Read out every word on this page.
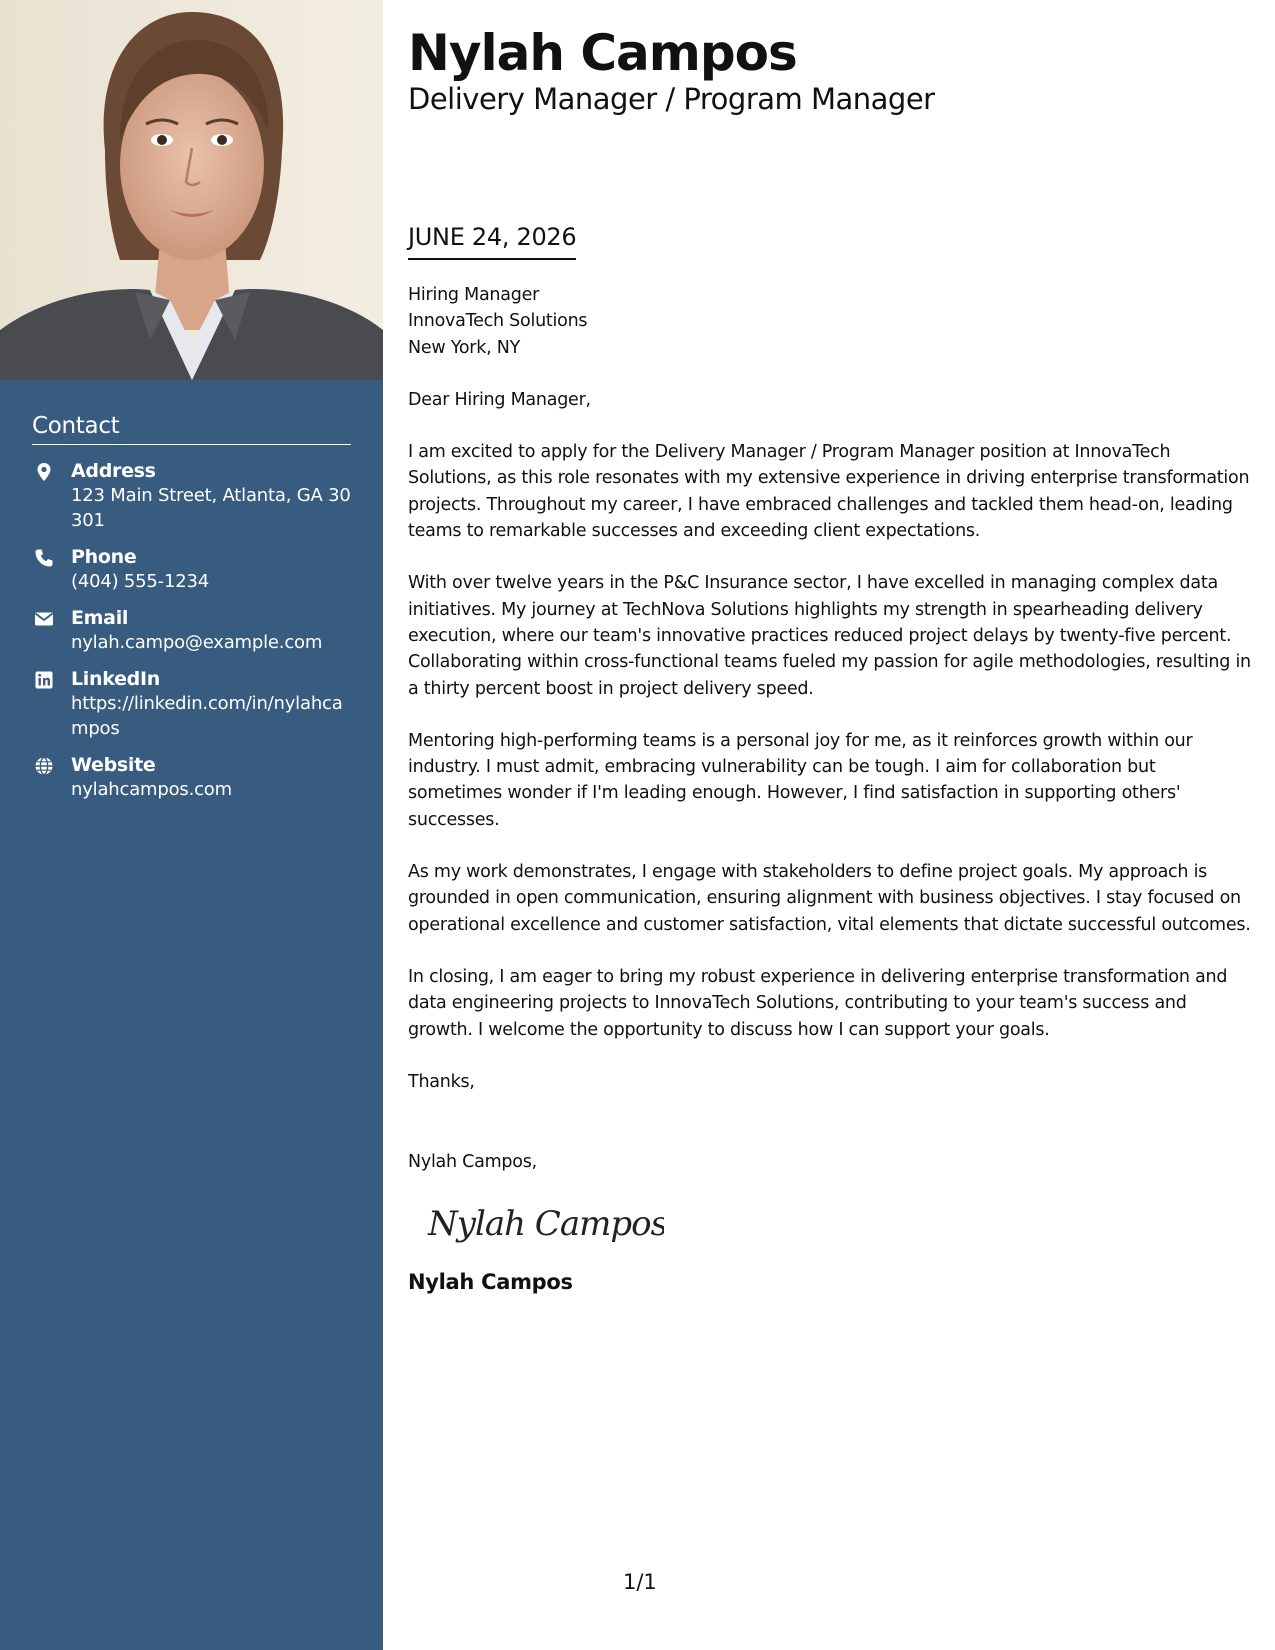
Contact
Address
123 Main Street, Atlanta, GA 30301
Phone
(404) 555-1234
Email
nylah.campo@example.com
LinkedIn
https://linkedin.com/in/nylahcampos
Website
nylahcampos.com
Nylah Campos
Delivery Manager / Program Manager
JUNE 24, 2026

Hiring Manager
InnovaTech Solutions
New York, NY

Dear Hiring Manager,

I am excited to apply for the Delivery Manager / Program Manager position at InnovaTech Solutions, as this role resonates with my extensive experience in driving enterprise transformation projects. Throughout my career, I have embraced challenges and tackled them head-on, leading teams to remarkable successes and exceeding client expectations.

With over twelve years in the P&C Insurance sector, I have excelled in managing complex data initiatives. My journey at TechNova Solutions highlights my strength in spearheading delivery execution, where our team's innovative practices reduced project delays by twenty-five percent. Collaborating within cross-functional teams fueled my passion for agile methodologies, resulting in a thirty percent boost in project delivery speed.

Mentoring high-performing teams is a personal joy for me, as it reinforces growth within our industry. I must admit, embracing vulnerability can be tough. I aim for collaboration but sometimes wonder if I'm leading enough. However, I find satisfaction in supporting others' successes.

As my work demonstrates, I engage with stakeholders to define project goals. My approach is grounded in open communication, ensuring alignment with business objectives. I stay focused on operational excellence and customer satisfaction, vital elements that dictate successful outcomes.

In closing, I am eager to bring my robust experience in delivering enterprise transformation and data engineering projects to InnovaTech Solutions, contributing to your team's success and growth. I welcome the opportunity to discuss how I can support your goals.

Thanks,

Nylah Campos,
Nylah Campos
Nylah Campos
1/1
